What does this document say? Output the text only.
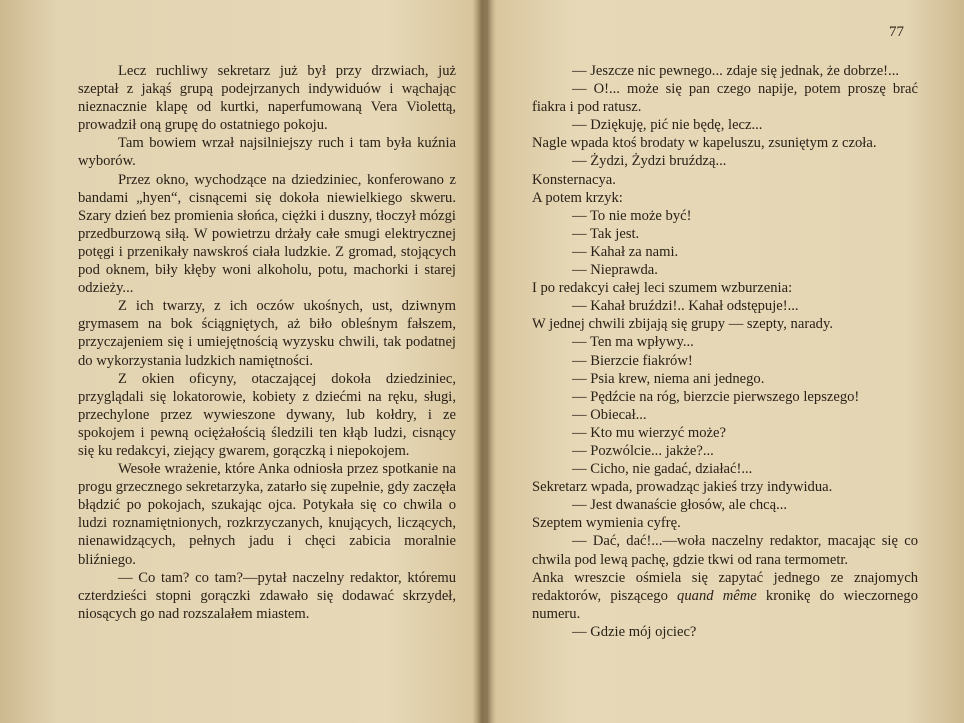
Lecz ruchliwy sekretarz już był przy drzwiach, już szeptał z jakąś grupą podejrzanych indywiduów i wąchając nieznacznie klapę od kurtki, naperfumowaną Vera Violettą, prowadził oną grupę do ostatniego pokoju.

Tam bowiem wrzał najsilniejszy ruch i tam była kuźnia wyborów.

Przez okno, wychodzące na dziedziniec, konferowano z bandami „hyen“, cisnącemi się dokoła niewielkiego skweru. Szary dzień bez promienia słońca, ciężki i duszny, tłoczył mózgi przedburzową siłą. W powietrzu drżały całe smugi elektrycznej potęgi i przenikały nawskroś ciała ludzkie. Z gromad, stojących pod oknem, biły kłęby woni alkoholu, potu, machorki i starej odzieży...

Z ich twarzy, z ich oczów ukośnych, ust, dziwnym grymasem na bok ściągniętych, aż biło obleśnym fałszem, przyczajeniem się i umiejętnością wyzysku chwili, tak podatnej do wykorzystania ludzkich namiętności.

Z okien oficyny, otaczającej dokoła dziedziniec, przyglądali się lokatorowie, kobiety z dziećmi na ręku, sługi, przechylone przez wywieszone dywany, lub kołdry, i ze spokojem i pewną ociężałością śledzili ten kłąb ludzi, cisnący się ku redakcyi, ziejący gwarem, gorączką i niepokojem.

Wesołe wrażenie, które Anka odniosła przez spotkanie na progu grzecznego sekretarzyka, zatarło się zupełnie, gdy zaczęła błądzić po pokojach, szukając ojca. Potykała się co chwila o ludzi roznamiętnionych, rozkrzyczanych, knujących, liczących, nienawidzących, pełnych jadu i chęci zabicia moralnie bliźniego.

— Co tam? co tam?—pytał naczelny redaktor, któremu czterdzieści stopni gorączki zdawało się dodawać skrzydeł, niosących go nad rozszalałem miastem.

77

— Jeszcze nic pewnego... zdaje się jednak, że dobrze!...

— O!... może się pan czego napije, potem proszę brać fiakra i pod ratusz.

— Dziękuję, pić nie będę, lecz...

Nagle wpada ktoś brodaty w kapeluszu, zsuniętym z czoła.

— Żydzi, Żydzi bruźdzą...

Konsternacya.

A potem krzyk:

— To nie może być!

— Tak jest.

— Kahał za nami.

— Nieprawda.

I po redakcyi całej leci szumem wzburzenia:

— Kahał bruździ!.. Kahał odstępuje!...

W jednej chwili zbijają się grupy — szepty, narady.

— Ten ma wpływy...

— Bierzcie fiakrów!

— Psia krew, niema ani jednego.

— Pędźcie na róg, bierzcie pierwszego lepszego!

— Obiecał...

— Kto mu wierzyć może?

— Pozwólcie... jakże?...

— Cicho, nie gadać, działać!...

Sekretarz wpada, prowadząc jakieś trzy indywidua.

— Jest dwanaście głosów, ale chcą...

Szeptem wymienia cyfrę.

— Dać, dać!...—woła naczelny redaktor, macając się co chwila pod lewą pachę, gdzie tkwi od rana termometr.

Anka wreszcie ośmiela się zapytać jednego ze znajomych redaktorów, piszącego quand même kronikę do wieczornego numeru.

— Gdzie mój ojciec?
